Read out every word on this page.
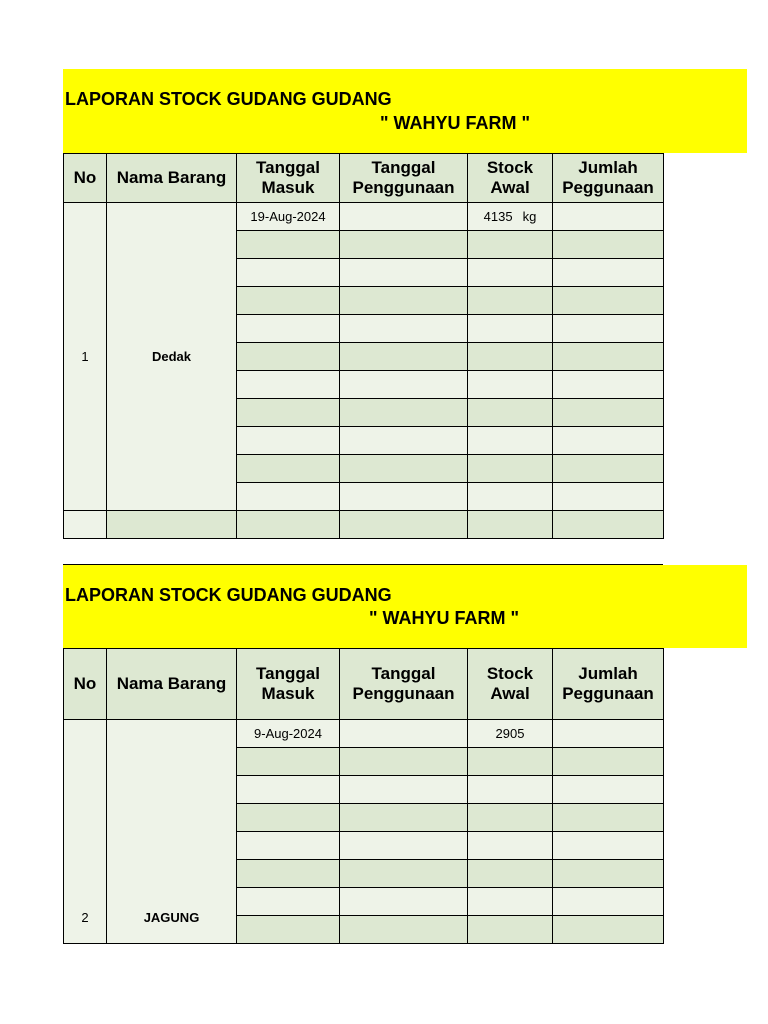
LAPORAN STOCK GUDANG GUDANG
" WAHYU FARM "
No	Nama Barang	Tanggal Masuk	Tanggal Penggunaan	Stock Awal	Jumlah Peggunaan
1	Dedak	19-Aug-2024		4135 kg	

LAPORAN STOCK GUDANG GUDANG
" WAHYU FARM "
No	Nama Barang	Tanggal Masuk	Tanggal Penggunaan	Stock Awal	Jumlah Peggunaan
2	JAGUNG	9-Aug-2024		2905	
